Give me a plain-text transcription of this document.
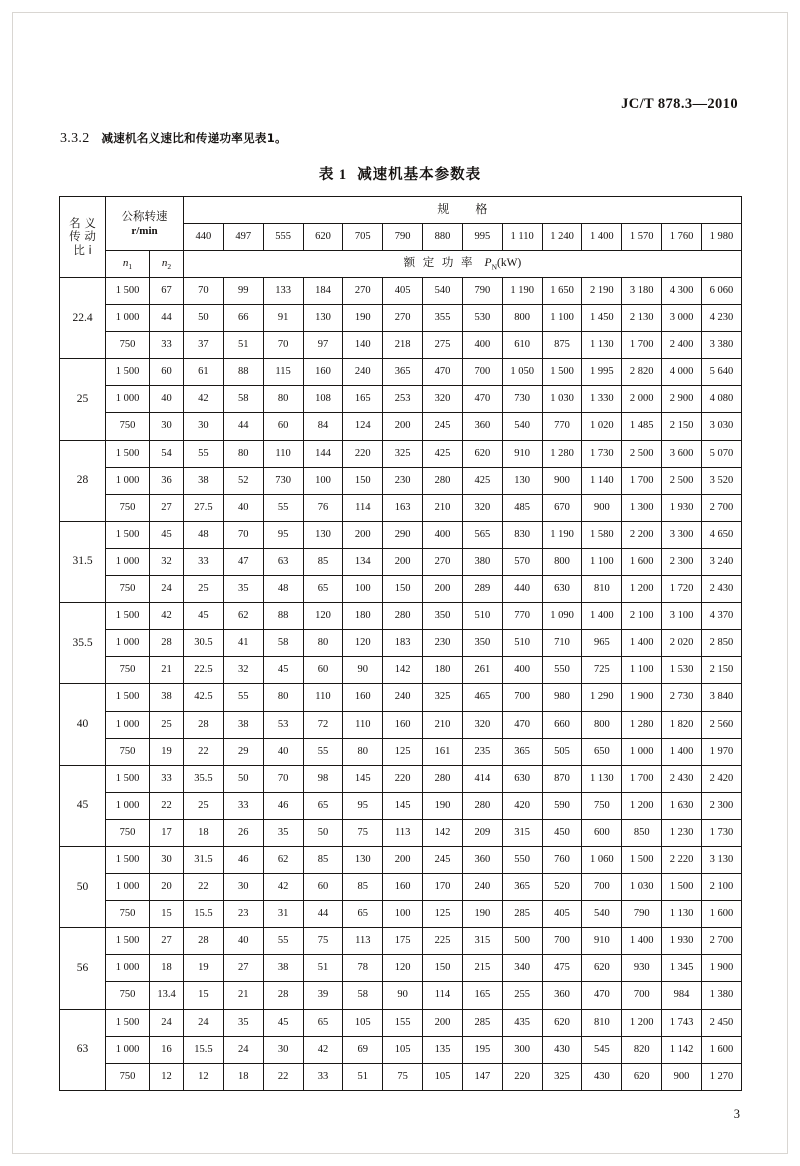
JC/T 878.3—2010
3.3.2 减速机名义速比和传递功率见表1。
表 1 减速机基本参数表
名 义
传 动
比 i	公称转速
r/min		规　格													
			440	497	555	620	705	790	880	995	1 110	1 240	1 400	1 570	1 760	1 980
	$n_1$	$n_2$	额 定 功 率 $P_N(kW)$													
22.4	1 500	67	70	99	133	184	270	405	540	790	1 190	1 650	2 190	3 180	4 300	6 060
	1 000	44	50	66	91	130	190	270	355	530	800	1 100	1 450	2 130	3 000	4 230
	750	33	37	51	70	97	140	218	275	400	610	875	1 130	1 700	2 400	3 380
25	1 500	60	61	88	115	160	240	365	470	700	1 050	1 500	1 995	2 820	4 000	5 640
	1 000	40	42	58	80	108	165	253	320	470	730	1 030	1 330	2 000	2 900	4 080
	750	30	30	44	60	84	124	200	245	360	540	770	1 020	1 485	2 150	3 030
28	1 500	54	55	80	110	144	220	325	425	620	910	1 280	1 730	2 500	3 600	5 070
	1 000	36	38	52	730	100	150	230	280	425	130	900	1 140	1 700	2 500	3 520
	750	27	27.5	40	55	76	114	163	210	320	485	670	900	1 300	1 930	2 700
31.5	1 500	45	48	70	95	130	200	290	400	565	830	1 190	1 580	2 200	3 300	4 650
	1 000	32	33	47	63	85	134	200	270	380	570	800	1 100	1 600	2 300	3 240
	750	24	25	35	48	65	100	150	200	289	440	630	810	1 200	1 720	2 430
35.5	1 500	42	45	62	88	120	180	280	350	510	770	1 090	1 400	2 100	3 100	4 370
	1 000	28	30.5	41	58	80	120	183	230	350	510	710	965	1 400	2 020	2 850
	750	21	22.5	32	45	60	90	142	180	261	400	550	725	1 100	1 530	2 150
40	1 500	38	42.5	55	80	110	160	240	325	465	700	980	1 290	1 900	2 730	3 840
	1 000	25	28	38	53	72	110	160	210	320	470	660	800	1 280	1 820	2 560
	750	19	22	29	40	55	80	125	161	235	365	505	650	1 000	1 400	1 970
45	1 500	33	35.5	50	70	98	145	220	280	414	630	870	1 130	1 700	2 430	2 420
	1 000	22	25	33	46	65	95	145	190	280	420	590	750	1 200	1 630	2 300
	750	17	18	26	35	50	75	113	142	209	315	450	600	850	1 230	1 730
50	1 500	30	31.5	46	62	85	130	200	245	360	550	760	1 060	1 500	2 220	3 130
	1 000	20	22	30	42	60	85	160	170	240	365	520	700	1 030	1 500	2 100
	750	15	15.5	23	31	44	65	100	125	190	285	405	540	790	1 130	1 600
56	1 500	27	28	40	55	75	113	175	225	315	500	700	910	1 400	1 930	2 700
	1 000	18	19	27	38	51	78	120	150	215	340	475	620	930	1 345	1 900
	750	13.4	15	21	28	39	58	90	114	165	255	360	470	700	984	1 380
63	1 500	24	24	35	45	65	105	155	200	285	435	620	810	1 200	1 743	2 450
	1 000	16	15.5	24	30	42	69	105	135	195	300	430	545	820	1 142	1 600
	750	12	12	18	22	33	51	75	105	147	220	325	430	620	900	1 270
3
